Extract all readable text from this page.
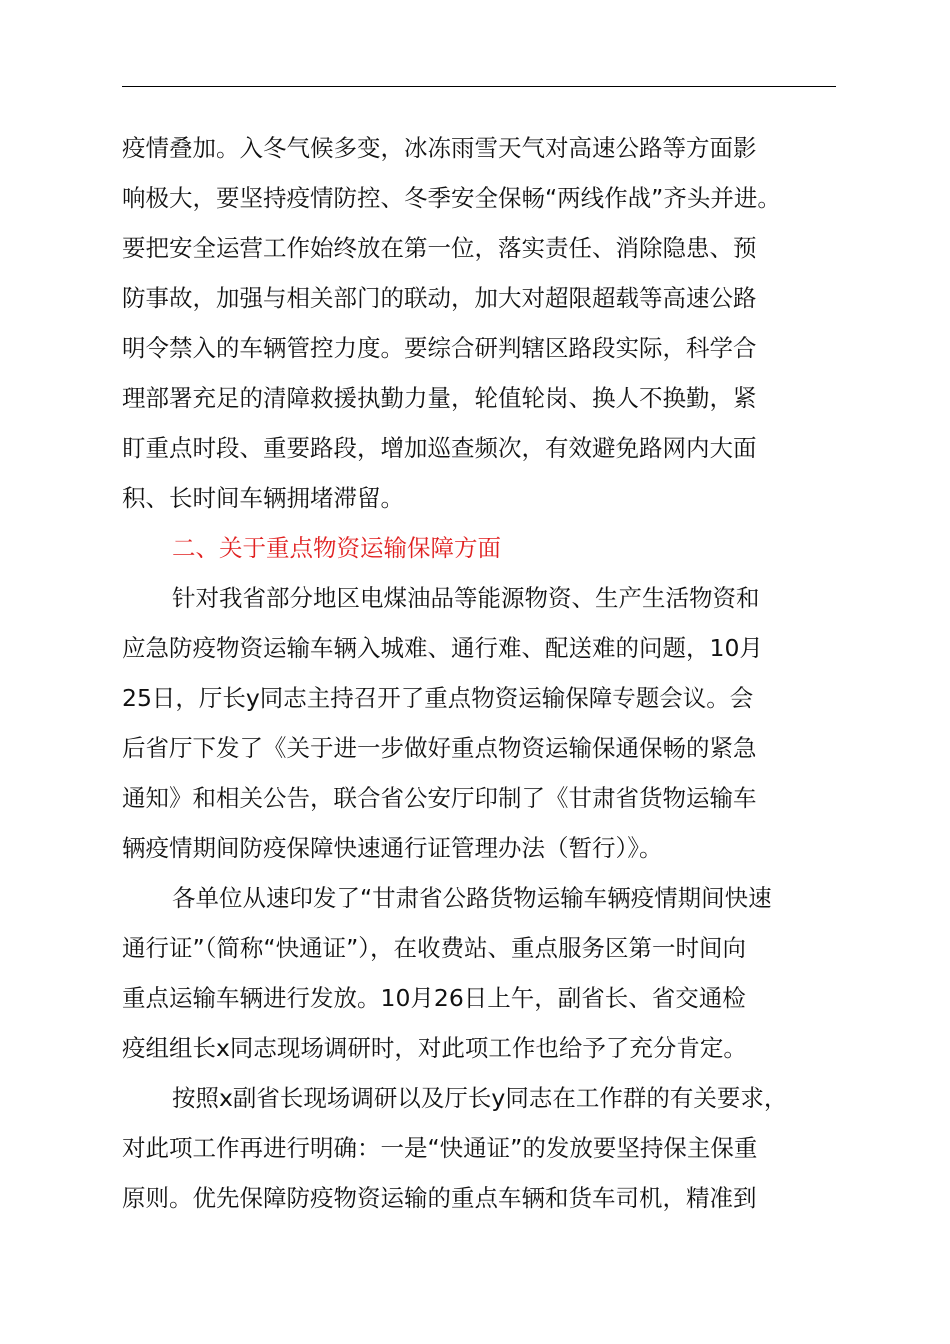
疫情叠加。入冬气候多变，冰冻雨雪天气对高速公路等方面影
响极大，要坚持疫情防控、冬季安全保畅“两线作战”齐头并进。
要把安全运营工作始终放在第一位，落实责任、消除隐患、预
防事故，加强与相关部门的联动，加大对超限超载等高速公路
明令禁入的车辆管控力度。要综合研判辖区路段实际，科学合
理部署充足的清障救援执勤力量，轮值轮岗、换人不换勤，紧
盯重点时段、重要路段，增加巡查频次，有效避免路网内大面
积、长时间车辆拥堵滞留。
二、关于重点物资运输保障方面
针对我省部分地区电煤油品等能源物资、生产生活物资和
应急防疫物资运输车辆入城难、通行难、配送难的问题，10月
25日，厅长y同志主持召开了重点物资运输保障专题会议。会
后省厅下发了《关于进一步做好重点物资运输保通保畅的紧急
通知》和相关公告，联合省公安厅印制了《甘肃省货物运输车
辆疫情期间防疫保障快速通行证管理办法（暂行）》。
各单位从速印发了“甘肃省公路货物运输车辆疫情期间快速
通行证”（简称“快通证”），在收费站、重点服务区第一时间向
重点运输车辆进行发放。10月26日上午，副省长、省交通检
疫组组长x同志现场调研时，对此项工作也给予了充分肯定。
按照x副省长现场调研以及厅长y同志在工作群的有关要求，
对此项工作再进行明确：一是“快通证”的发放要坚持保主保重
原则。优先保障防疫物资运输的重点车辆和货车司机，精准到
